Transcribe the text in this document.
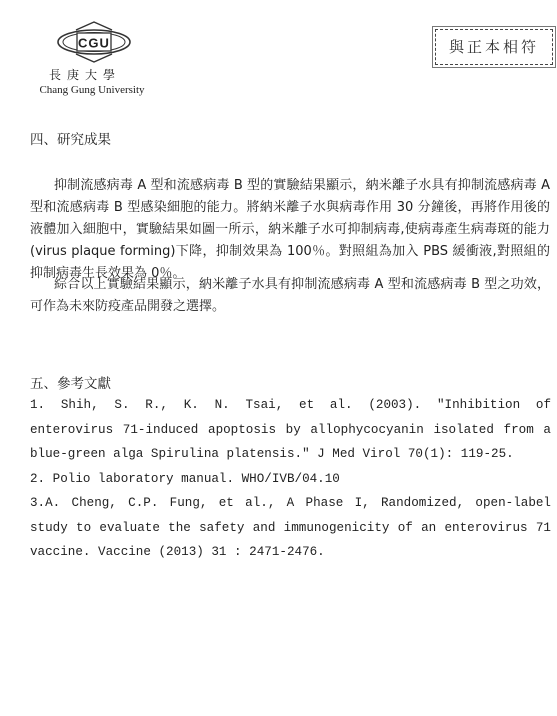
CGU
長庚大學
Chang Gung University
與正本相符
四、研究成果
抑制流感病毒 A 型和流感病毒 B 型的實驗結果顯示，納米離子水具有抑制流感病毒 A 型和流感病毒 B 型感染細胞的能力。將納米離子水與病毒作用 30 分鐘後，再將作用後的液體加入細胞中，實驗結果如圖一所示，納米離子水可抑制病毒,使病毒產生病毒斑的能力(virus plaque forming)下降，抑制效果為 100％。對照組為加入 PBS 緩衝液,對照組的抑制病毒生長效果為 0％。
綜合以上實驗結果顯示，納米離子水具有抑制流感病毒 A 型和流感病毒 B 型之功效，可作為未來防疫產品開發之選擇。
五、參考文獻

1. Shih, S. R., K. N. Tsai, et al. (2003). "Inhibition of enterovirus 71-induced apoptosis by allophycocyanin isolated from a blue-green alga Spirulina platensis." J Med Virol 70(1): 119-25.

2. Polio laboratory manual. WHO/IVB/04.10

3.A. Cheng, C.P. Fung, et al., A Phase I, Randomized, open-label study to evaluate the safety and immunogenicity of an enterovirus 71 vaccine. Vaccine (2013) 31 : 2471-2476.
